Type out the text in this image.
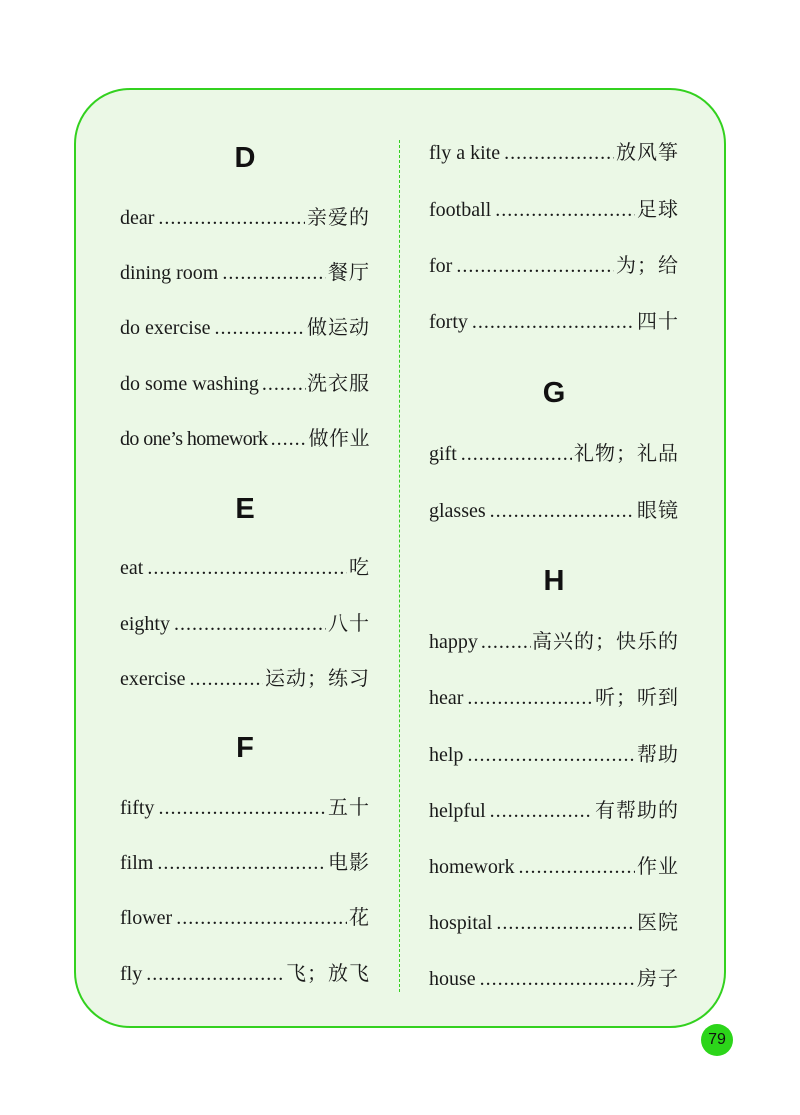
D
dear .....	亲爱的
dining room .....	餐厅
do exercise .....	做运动
do some washing ..... 洗衣服
do one’s homework ..... 做作业
E
eat .....	吃
eighty .....	八十
exercise .....	运动；练习
F
fifty .....	五十
film .....	电影
flower .....	花
fly .....	飞；放飞
fly a kite .....	放风筝
football .....	足球
for .....	为；给
forty .....	四十
G
gift .....	礼物；礼品
glasses .....	眼镜
H
happy .....	高兴的；快乐的
hear .....	听；听到
help .....	帮助
helpful .....	有帮助的
homework .....	作业
hospital .....	医院
house .....	房子
79
